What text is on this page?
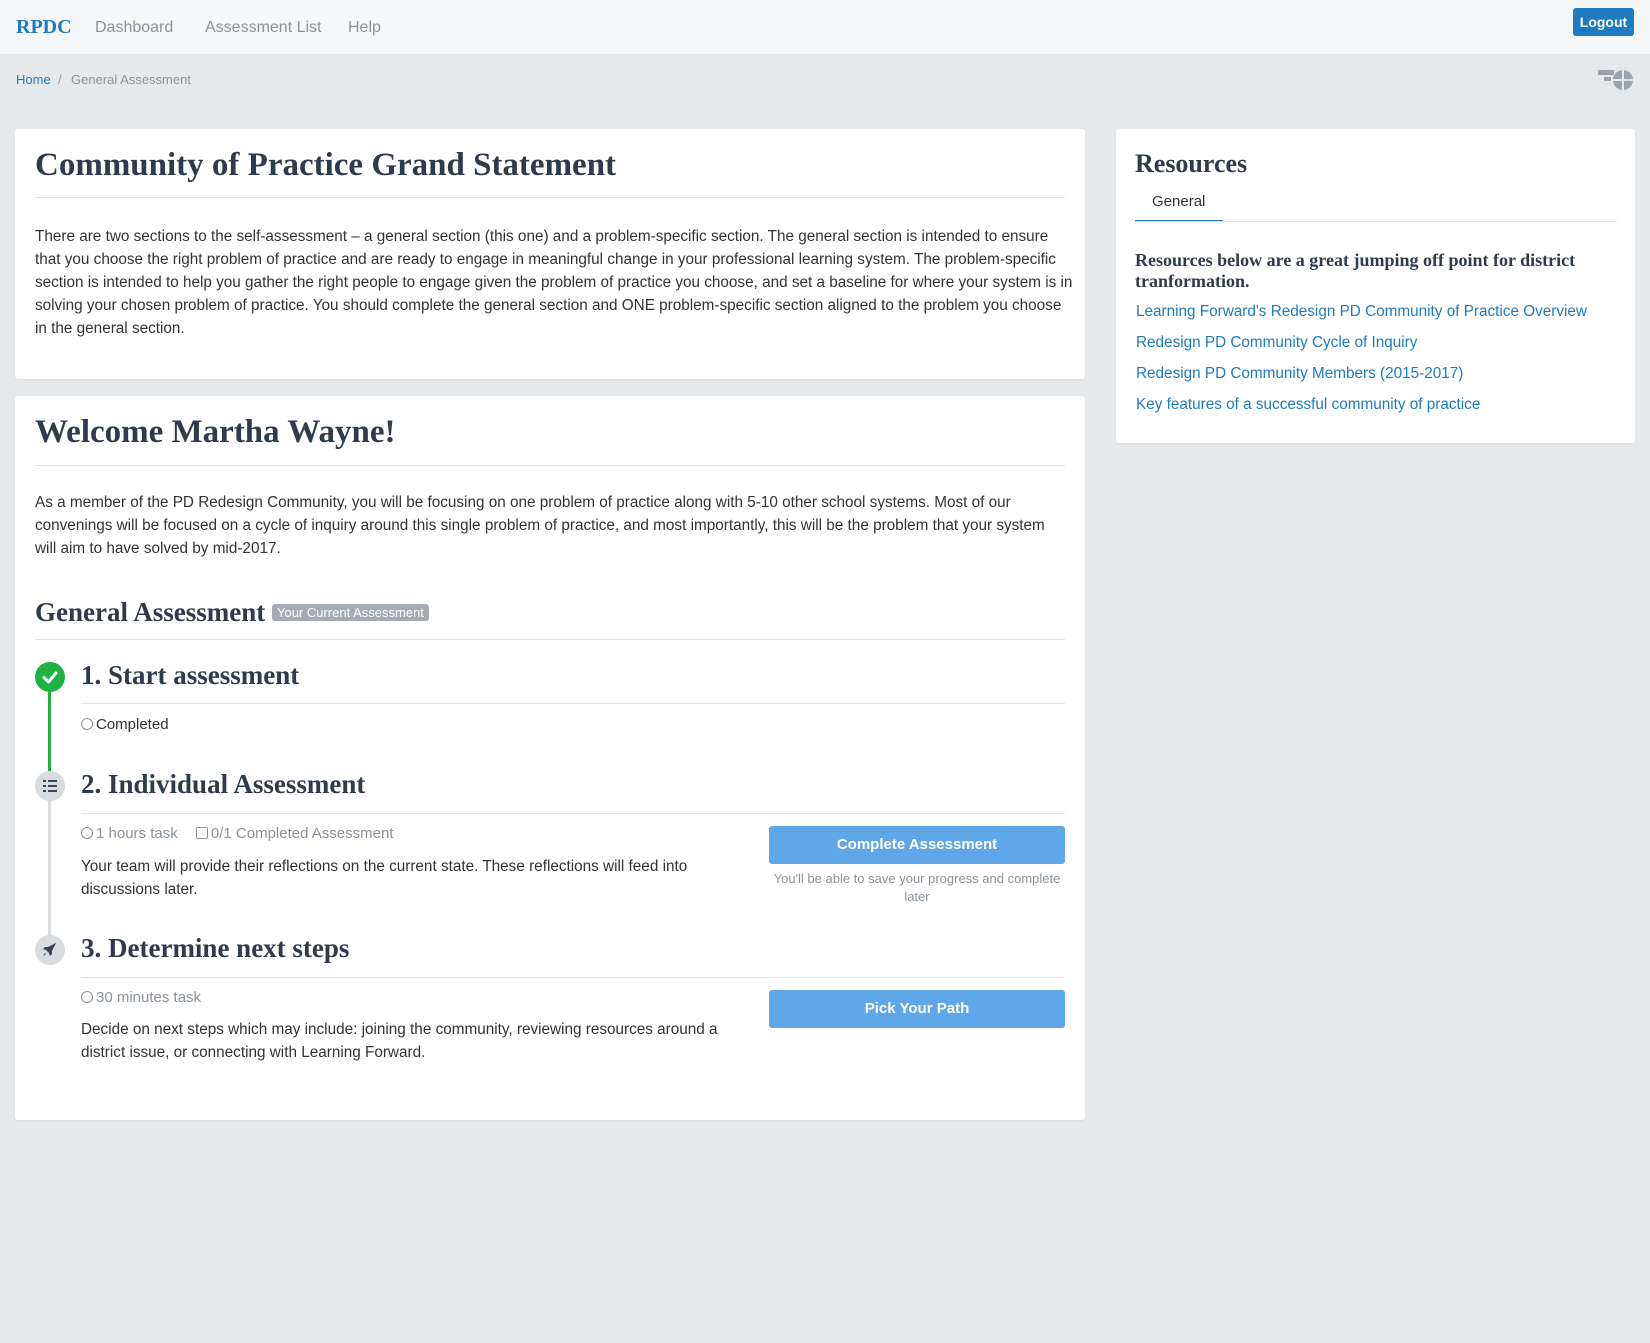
RPDC Dashboard Assessment List Help	Logout
Home / General Assessment
Community of Practice Grand Statement
There are two sections to the self-assessment – a general section (this one) and a problem-specific section. The general section is intended to ensure that you choose the right problem of practice and are ready to engage in meaningful change in your professional learning system. The problem-specific section is intended to help you gather the right people to engage given the problem of practice you choose, and set a baseline for where your system is in solving your chosen problem of practice. You should complete the general section and ONE problem-specific section aligned to the problem you choose in the general section.
Welcome Martha Wayne!
As a member of the PD Redesign Community, you will be focusing on one problem of practice along with 5-10 other school systems. Most of our convenings will be focused on a cycle of inquiry around this single problem of practice, and most importantly, this will be the problem that your system will aim to have solved by mid-2017.
General Assessment Your Current Assessment
1. Start assessment
Completed
2. Individual Assessment
1 hours task 0/1 Completed Assessment
Your team will provide their reflections on the current state. These reflections will feed into discussions later.
Complete Assessment
You'll be able to save your progress and complete later
3. Determine next steps
30 minutes task
Decide on next steps which may include: joining the community, reviewing resources around a district issue, or connecting with Learning Forward.
Pick Your Path
Resources
General
Resources below are a great jumping off point for district tranformation.
Learning Forward's Redesign PD Community of Practice Overview
Redesign PD Community Cycle of Inquiry
Redesign PD Community Members (2015-2017)
Key features of a successful community of practice
